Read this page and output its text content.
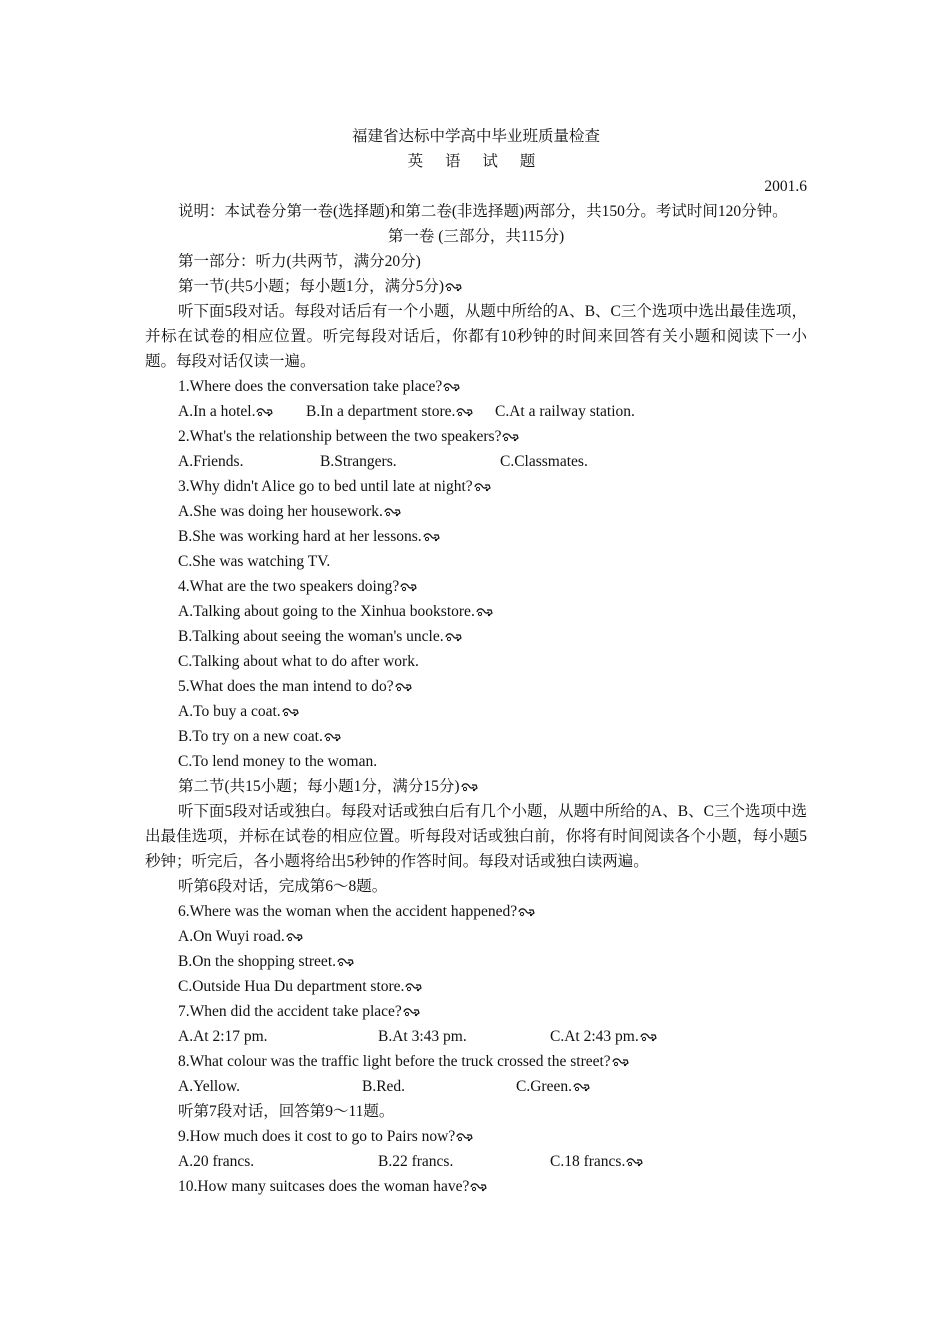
福建省达标中学高中毕业班质量检查
英 语 试 题
2001.6
说明：本试卷分第一卷(选择题)和第二卷(非选择题)两部分，共150分。考试时间120分钟。
第一卷 (三部分，共115分)
第一部分：听力(共两节，满分20分)
第一节(共5小题；每小题1分，满分5分)
听下面5段对话。每段对话后有一个小题，从题中所给的A、B、C三个选项中选出最佳选项，并标在试卷的相应位置。听完每段对话后，你都有10秒钟的时间来回答有关小题和阅读下一小题。每段对话仅读一遍。
1.Where does the conversation take place?
A.In a hotel.	B.In a department store.	C.At a railway station.
2.What's the relationship between the two speakers?
A.Friends.	B.Strangers.	C.Classmates.
3.Why didn't Alice go to bed until late at night?
A.She was doing her housework.
B.She was working hard at her lessons.
C.She was watching TV.
4.What are the two speakers doing?
A.Talking about going to the Xinhua bookstore.
B.Talking about seeing the woman's uncle.
C.Talking about what to do after work.
5.What does the man intend to do?
A.To buy a coat.
B.To try on a new coat.
C.To lend money to the woman.
第二节(共15小题；每小题1分，满分15分)
听下面5段对话或独白。每段对话或独白后有几个小题，从题中所给的A、B、C三个选项中选出最佳选项，并标在试卷的相应位置。听每段对话或独白前，你将有时间阅读各个小题，每小题5秒钟；听完后，各小题将给出5秒钟的作答时间。每段对话或独白读两遍。
听第6段对话，完成第6～8题。
6.Where was the woman when the accident happened?
A.On Wuyi road.
B.On the shopping street.
C.Outside Hua Du department store.
7.When did the accident take place?
A.At 2:17 pm.	B.At 3:43 pm.	C.At 2:43 pm.
8.What colour was the traffic light before the truck crossed the street?
A.Yellow.	B.Red.	C.Green.
听第7段对话，回答第9～11题。
9.How much does it cost to go to Pairs now?
A.20 francs.	B.22 francs.	C.18 francs.
10.How many suitcases does the woman have?
